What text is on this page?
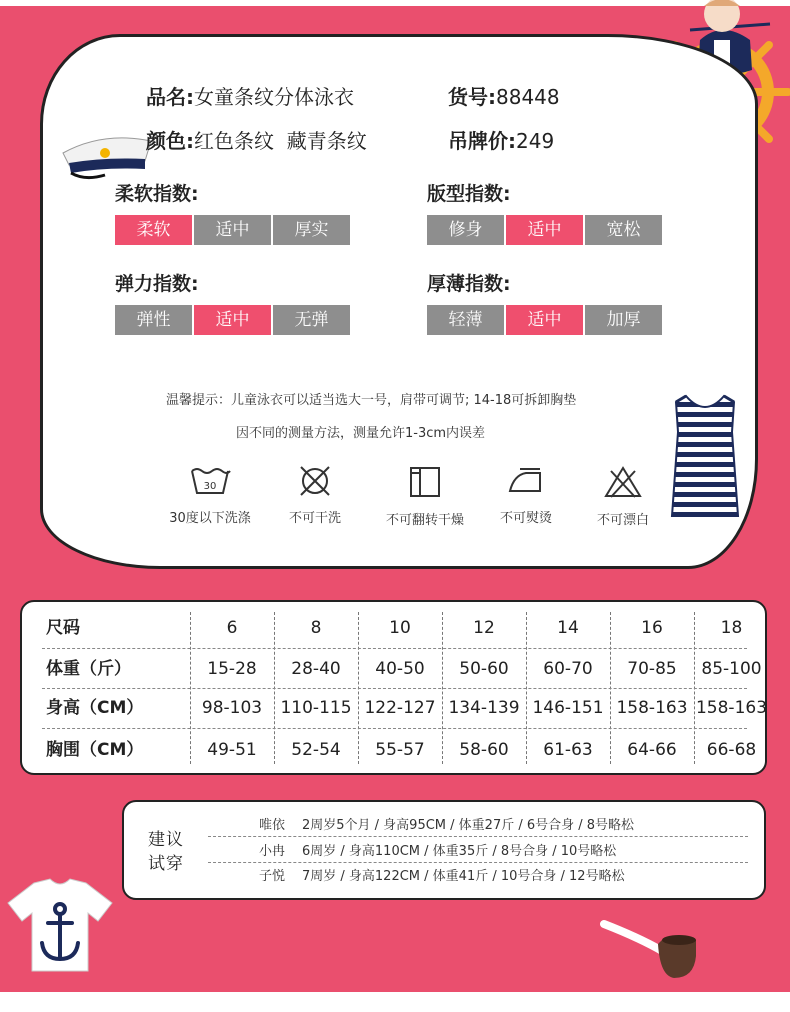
品名:女童条纹分体泳衣	货号:88448
颜色:红色条纹  藏青条纹	吊牌价:249
柔软指数:
柔软	适中	厚实
版型指数:
修身	适中	宽松
弹力指数:
弹性	适中	无弹
厚薄指数:
轻薄	适中	加厚
温馨提示：儿童泳衣可以适当选大一号，肩带可调节; 14-18可拆卸胸垫
因不同的测量方法，测量允许1-3cm内误差
30
30度以下洗涤	不可干洗	不可翻转干燥	不可熨烫	不可漂白
尺码	6	8	10	12	14	16	18
体重（斤）	15-28	28-40	40-50	50-60	60-70	70-85	85-100
身高（CM）	98-103	110-115 122-127 134-139 146-151 158-163 158-163
胸围（CM）	49-51	52-54	55-57	58-60	61-63	64-66	66-68
建议
试穿
唯依	2周岁5个月 / 身高95CM / 体重27斤 / 6号合身 / 8号略松
小冉	6周岁 / 身高110CM / 体重35斤 / 8号合身 / 10号略松
子悦	7周岁 / 身高122CM / 体重41斤 / 10号合身 / 12号略松
